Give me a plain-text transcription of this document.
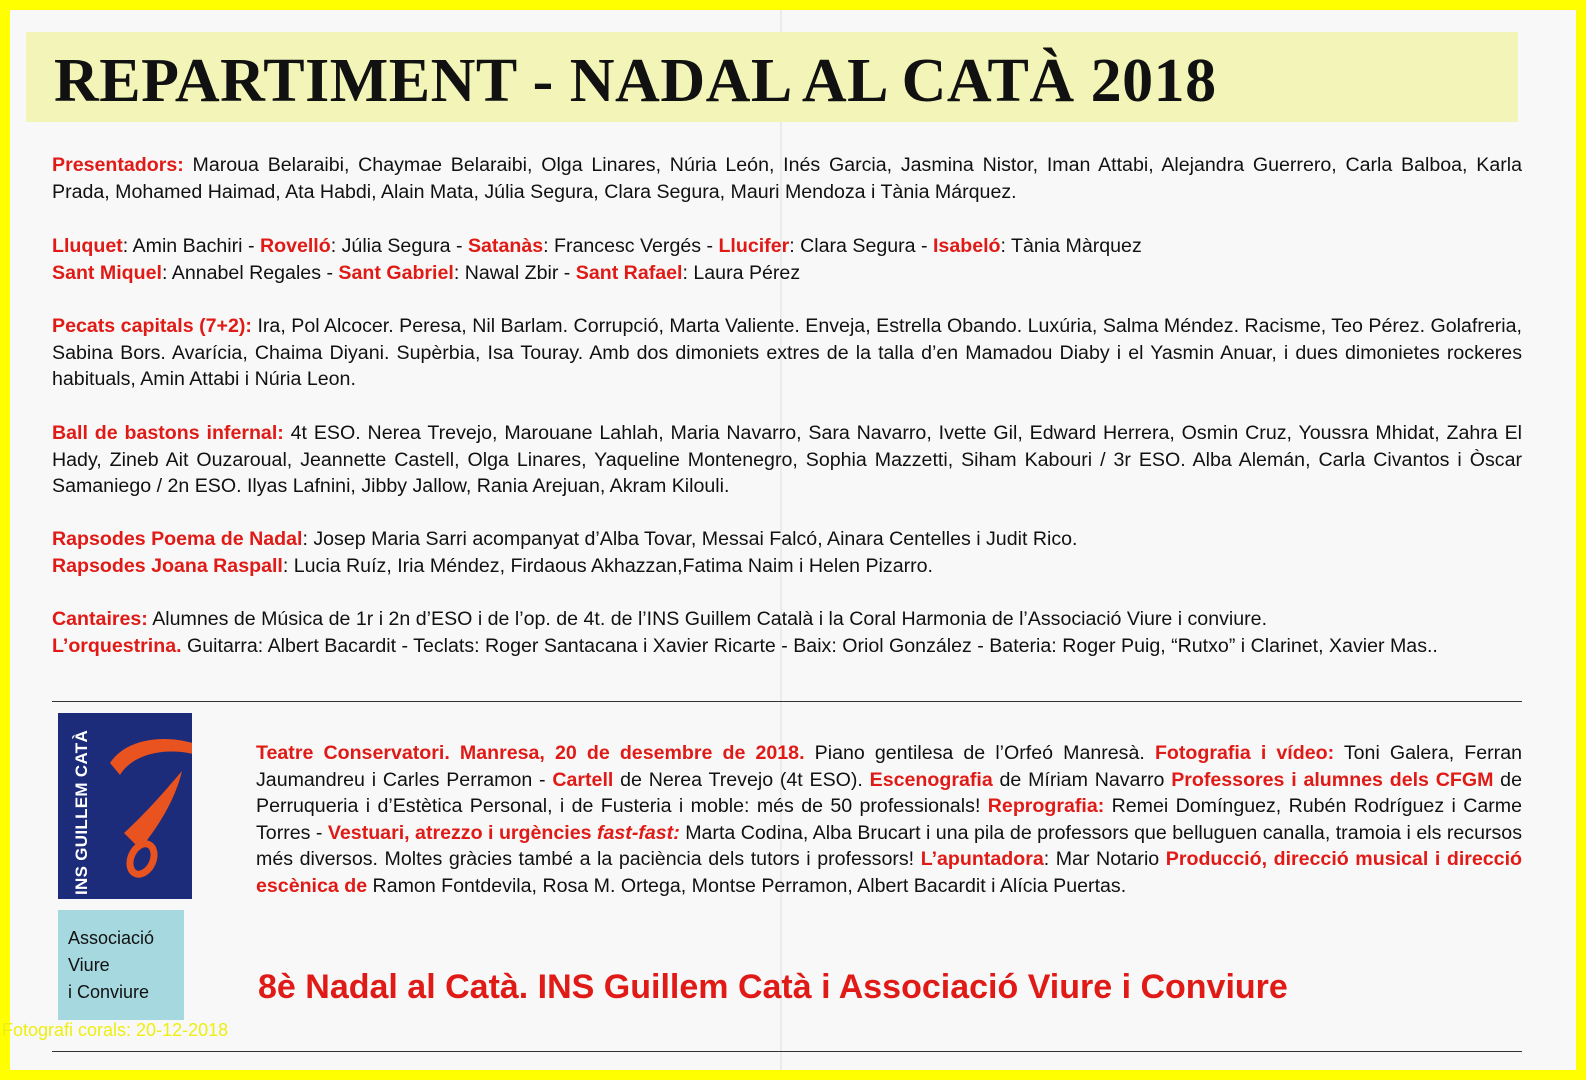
REPARTIMENT - NADAL AL CATÀ 2018

Presentadors: Maroua Belaraibi, Chaymae Belaraibi, Olga Linares, Núria León, Inés Garcia, Jasmina Nistor, Iman Attabi, Alejandra Guerrero, Carla Balboa, Karla Prada, Mohamed Haimad, Ata Habdi, Alain Mata, Júlia Segura, Clara Segura, Mauri Mendoza i Tània Márquez.

Lluquet: Amin Bachiri - Rovelló: Júlia Segura - Satanàs: Francesc Vergés - Llucifer: Clara Segura - Isabeló: Tània Màrquez
Sant Miquel: Annabel Regales - Sant Gabriel: Nawal Zbir - Sant Rafael: Laura Pérez

Pecats capitals (7+2): Ira, Pol Alcocer. Peresa, Nil Barlam. Corrupció, Marta Valiente. Enveja, Estrella Obando. Luxúria, Salma Méndez. Racisme, Teo Pérez. Golafreria, Sabina Bors. Avarícia, Chaima Diyani. Supèrbia, Isa Touray. Amb dos dimoniets extres de la talla d’en Mamadou Diaby i el Yasmin Anuar, i dues dimonietes rockeres habituals, Amin Attabi i Núria Leon.

Ball de bastons infernal: 4t ESO. Nerea Trevejo, Marouane Lahlah, Maria Navarro, Sara Navarro, Ivette Gil, Edward Herrera, Osmin Cruz, Youssra Mhidat, Zahra El Hady, Zineb Ait Ouzaroual, Jeannette Castell, Olga Linares, Yaqueline Montenegro, Sophia Mazzetti, Siham Kabouri / 3r ESO. Alba Alemán, Carla Civantos i Òscar Samaniego / 2n ESO. Ilyas Lafnini, Jibby Jallow, Rania Arejuan, Akram Kilouli.

Rapsodes Poema de Nadal: Josep Maria Sarri acompanyat d’Alba Tovar, Messai Falcó, Ainara Centelles i Judit Rico.
Rapsodes Joana Raspall: Lucia Ruíz, Iria Méndez, Firdaous Akhazzan,Fatima Naim i Helen Pizarro.

Cantaires: Alumnes de Música de 1r i 2n d’ESO i de l’op. de 4t. de l’INS Guillem Català i la Coral Harmonia de l’Associació Viure i conviure.
L’orquestrina. Guitarra: Albert Bacardit - Teclats: Roger Santacana i Xavier Ricarte - Baix: Oriol González - Bateria: Roger Puig, “Rutxo” i Clarinet, Xavier Mas..

INS GUILLEM CATÀ
Associació
Viure
i Conviure

Teatre Conservatori. Manresa, 20 de desembre de 2018. Piano gentilesa de l’Orfeó Manresà. Fotografia i vídeo: Toni Galera, Ferran Jaumandreu i Carles Perramon - Cartell de Nerea Trevejo (4t ESO). Escenografia de Míriam Navarro Professores i alumnes dels CFGM de Perruqueria i d’Estètica Personal, i de Fusteria i moble: més de 50 professionals! Reprografia: Remei Domínguez, Rubén Rodríguez i Carme Torres - Vestuari, atrezzo i urgències fast-fast: Marta Codina, Alba Brucart i una pila de professors que belluguen canalla, tramoia i els recursos més diversos. Moltes gràcies també a la paciència dels tutors i professors! L’apuntadora: Mar Notario Producció, direcció musical i direcció escènica de Ramon Fontdevila, Rosa M. Ortega, Montse Perramon, Albert Bacardit i Alícia Puertas.

8è Nadal al Catà. INS Guillem Catà i Associació Viure i Conviure

Fotografi corals: 20-12-2018
